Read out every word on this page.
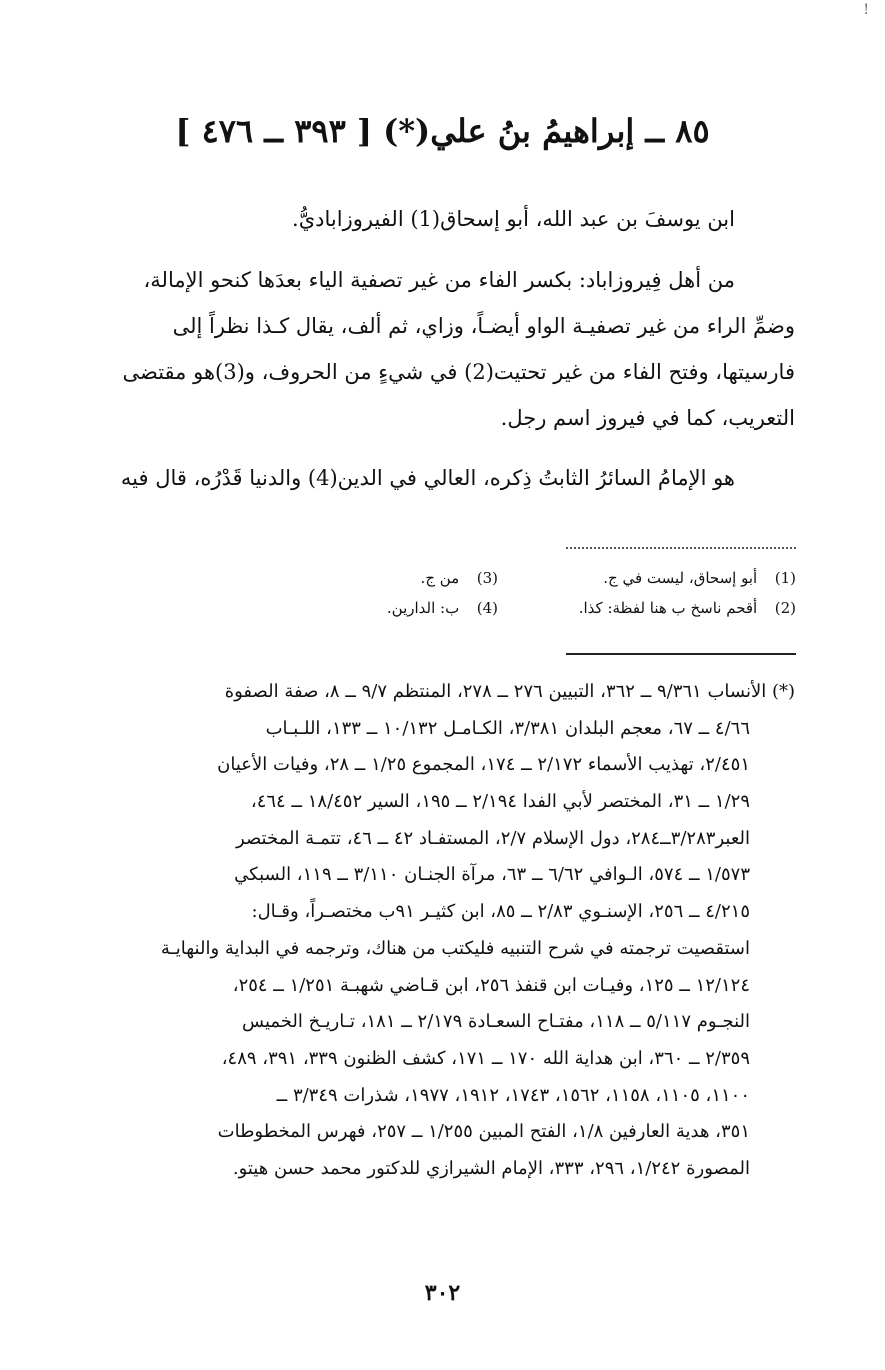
!
٨٥ ــ إبراهيمُ بنُ علي(*) [ ٣٩٣ ــ ٤٧٦ ]
ابن يوسفَ بن عبد الله، أبو إسحاق(1) الفيروزاباديُّ.
من أهل فِيروزاباد: بكسر الفاء من غير تصفية الياء بعدَها كنحو الإمالة،
وضمِّ الراء من غير تصفيـة الواو أيضـاً، وزاي، ثم ألف، يقال كـذا نظراً إلى
فارسيتها، وفتح الفاء من غير تحتيت(2) في شيءٍ من الحروف، و(3)هو مقتضى
التعريب، كما في فيروز اسم رجل.
هو الإمامُ السائرُ الثابتُ ذِكره، العالي في الدين(4) والدنيا قَدْرُه، قال فيه
(1) أبو إسحاق، ليست في ج.
(3) من ج.
(2) أقحم ناسخ ب هنا لفظة: كذا.
(4) ب: الدارين.
(*) الأنساب ٩/٣٦١ ــ ٣٦٢، التبيين ٢٧٦ ــ ٢٧٨، المنتظم ٩/٧ ــ ٨، صفة الصفوة
٤/٦٦ ــ ٦٧، معجم البلدان ٣/٣٨١، الكـامـل ١٠/١٣٢ ــ ١٣٣، اللـبـاب
٢/٤٥١، تهذيب الأسماء ٢/١٧٢ ــ ١٧٤، المجموع ١/٢٥ ــ ٢٨، وفيات الأعيان
١/٢٩ ــ ٣١، المختصر لأبي الفدا ٢/١٩٤ ــ ١٩٥، السير ١٨/٤٥٢ ــ ٤٦٤،
العبر٣/٢٨٣ــ٢٨٤، دول الإسلام ٢/٧، المستفـاد ٤٢ ــ ٤٦، تتمـة المختصر
١/٥٧٣ ــ ٥٧٤، الـوافي ٦/٦٢ ــ ٦٣، مرآة الجنـان ٣/١١٠ ــ ١١٩، السبكي
٤/٢١٥ ــ ٢٥٦، الإسنـوي ٢/٨٣ ــ ٨٥، ابن كثيـر ٩١ب مختصـراً، وقـال:
استقصيت ترجمته في شرح التنبيه فليكتب من هناك، وترجمه في البداية والنهايـة
١٢/١٢٤ ــ ١٢٥، وفيـات ابن قنفذ ٢٥٦، ابن قـاضي شهبـة ١/٢٥١ ــ ٢٥٤،
النجـوم ٥/١١٧ ــ ١١٨، مفتـاح السعـادة ٢/١٧٩ ــ ١٨١، تـاريـخ الخميس
٢/٣٥٩ ــ ٣٦٠، ابن هداية الله ١٧٠ ــ ١٧١، كشف الظنون ٣٣٩، ٣٩١، ٤٨٩،
١١٠٠، ١١٠٥، ١١٥٨، ١٥٦٢، ١٧٤٣، ١٩١٢، ١٩٧٧، شذرات ٣/٣٤٩ ــ
٣٥١، هدية العارفين ١/٨، الفتح المبين ١/٢٥٥ ــ ٢٥٧، فهرس المخطوطات
المصورة ١/٢٤٢، ٢٩٦، ٣٣٣، الإمام الشيرازي للدكتور محمد حسن هيتو.
٣٠٢
